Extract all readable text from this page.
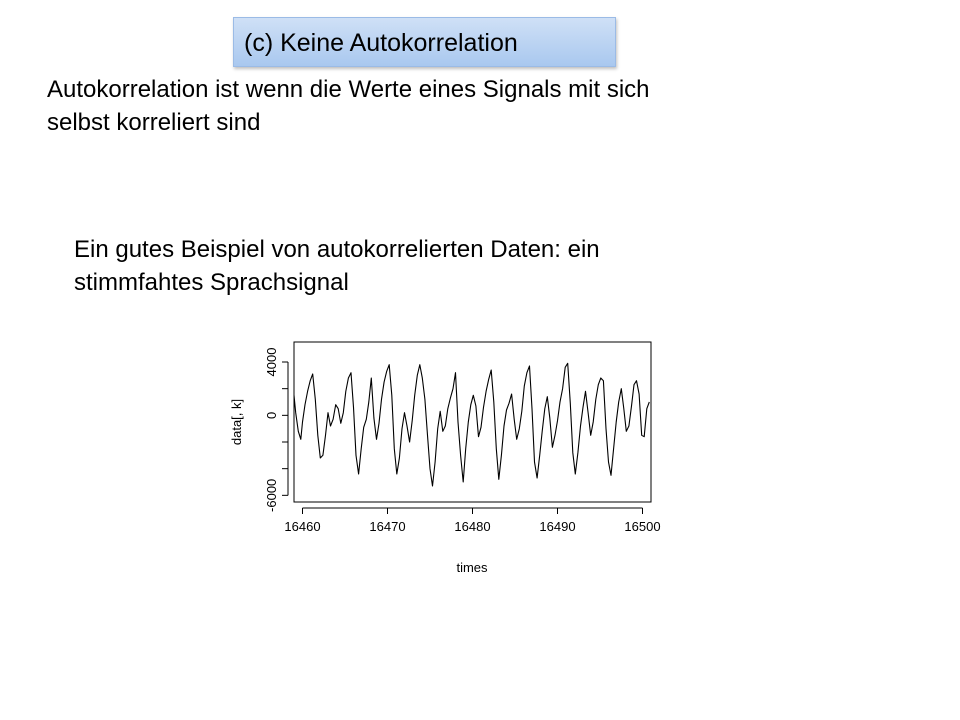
(c) Keine Autokorrelation
Autokorrelation ist wenn die Werte eines Signals mit sich
selbst korreliert sind
Ein gutes Beispiel von autokorrelierten Daten: ein
stimmfahtes Sprachsignal
-6000
0
4000
16460	16470	16480	16490	16500
times
data[, k]
